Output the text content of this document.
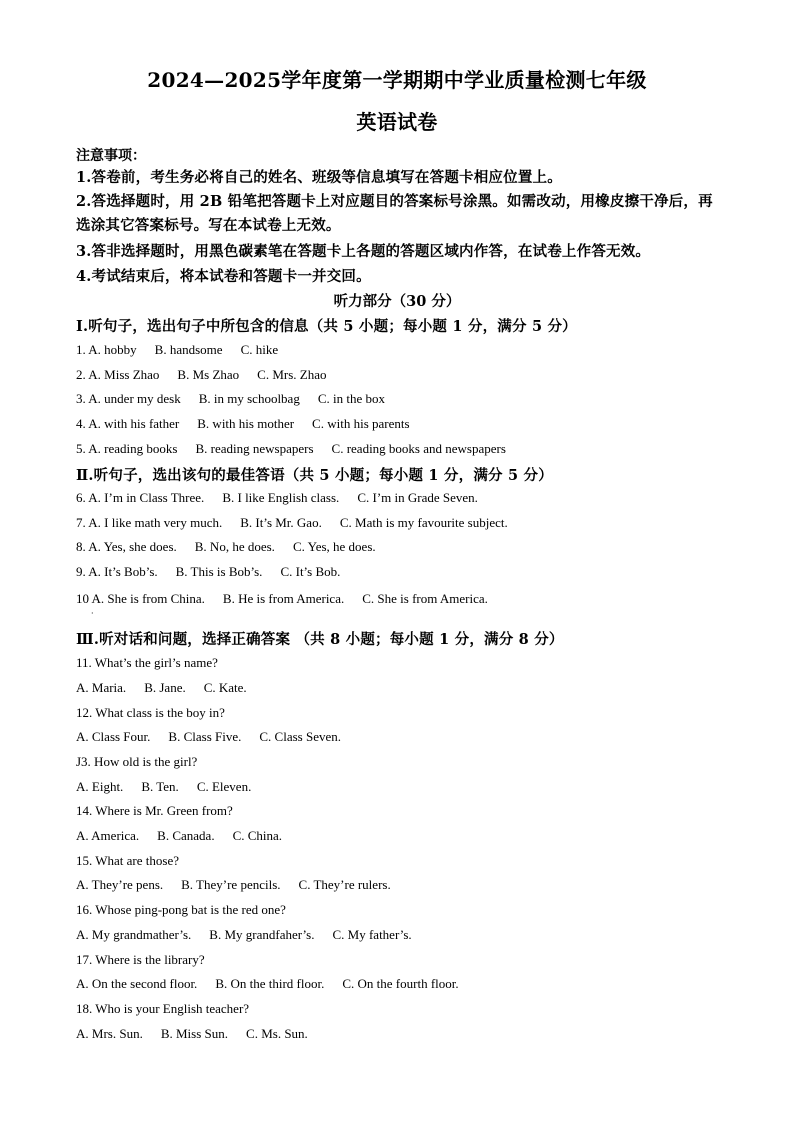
2024—2025学年度第一学期期中学业质量检测七年级
英语试卷
注意事项：
1.答卷前，考生务必将自己的姓名、班级等信息填写在答题卡相应位置上。
2.答选择题时，用 2B 铅笔把答题卡上对应题目的答案标号涂黑。如需改动，用橡皮擦干净后，再选涂其它答案标号。写在本试卷上无效。
3.答非选择题时，用黑色碳素笔在答题卡上各题的答题区域内作答，在试卷上作答无效。
4.考试结束后，将本试卷和答题卡一并交回。
听力部分（30 分）
Ⅰ.听句子，选出句子中所包含的信息（共 5 小题；每小题 1 分，满分 5 分）
1. A. hobby B. handsome C. hike
2. A. Miss Zhao B. Ms Zhao C. Mrs. Zhao
3. A. under my desk B. in my schoolbag C. in the box
4. A. with his father B. with his mother C. with his parents
5. A. reading books B. reading newspapers C. reading books and newspapers
Ⅱ.听句子，选出该句的最佳答语（共 5 小题；每小题 1 分，满分 5 分）
6. A. I’m in Class Three. B. I like English class. C. I’m in Grade Seven.
7. A. I like math very much. B. It’s Mr. Gao. C. Math is my favourite subject.
8. A. Yes, she does. B. No, he does. C. Yes, he does.
9. A. It’s Bob’s. B. This is Bob’s. C. It’s Bob.
10 A. She is from China. B. He is from America. C. She is from America.
·
Ⅲ.听对话和问题，选择正确答案 （共 8 小题；每小题 1 分，满分 8 分）
11. What’s the girl’s name?
A. Maria. B. Jane. C. Kate.
12. What class is the boy in?
A. Class Four. B. Class Five. C. Class Seven.
J3. How old is the girl?
A. Eight. B. Ten. C. Eleven.
14. Where is Mr. Green from?
A. America. B. Canada. C. China.
15. What are those?
A. They’re pens. B. They’re pencils. C. They’re rulers.
16. Whose ping-pong bat is the red one?
A. My grandmather’s. B. My grandfaher’s. C. My father’s.
17. Where is the library?
A. On the second floor. B. On the third floor. C. On the fourth floor.
18. Who is your English teacher?
A. Mrs. Sun. B. Miss Sun. C. Ms. Sun.
